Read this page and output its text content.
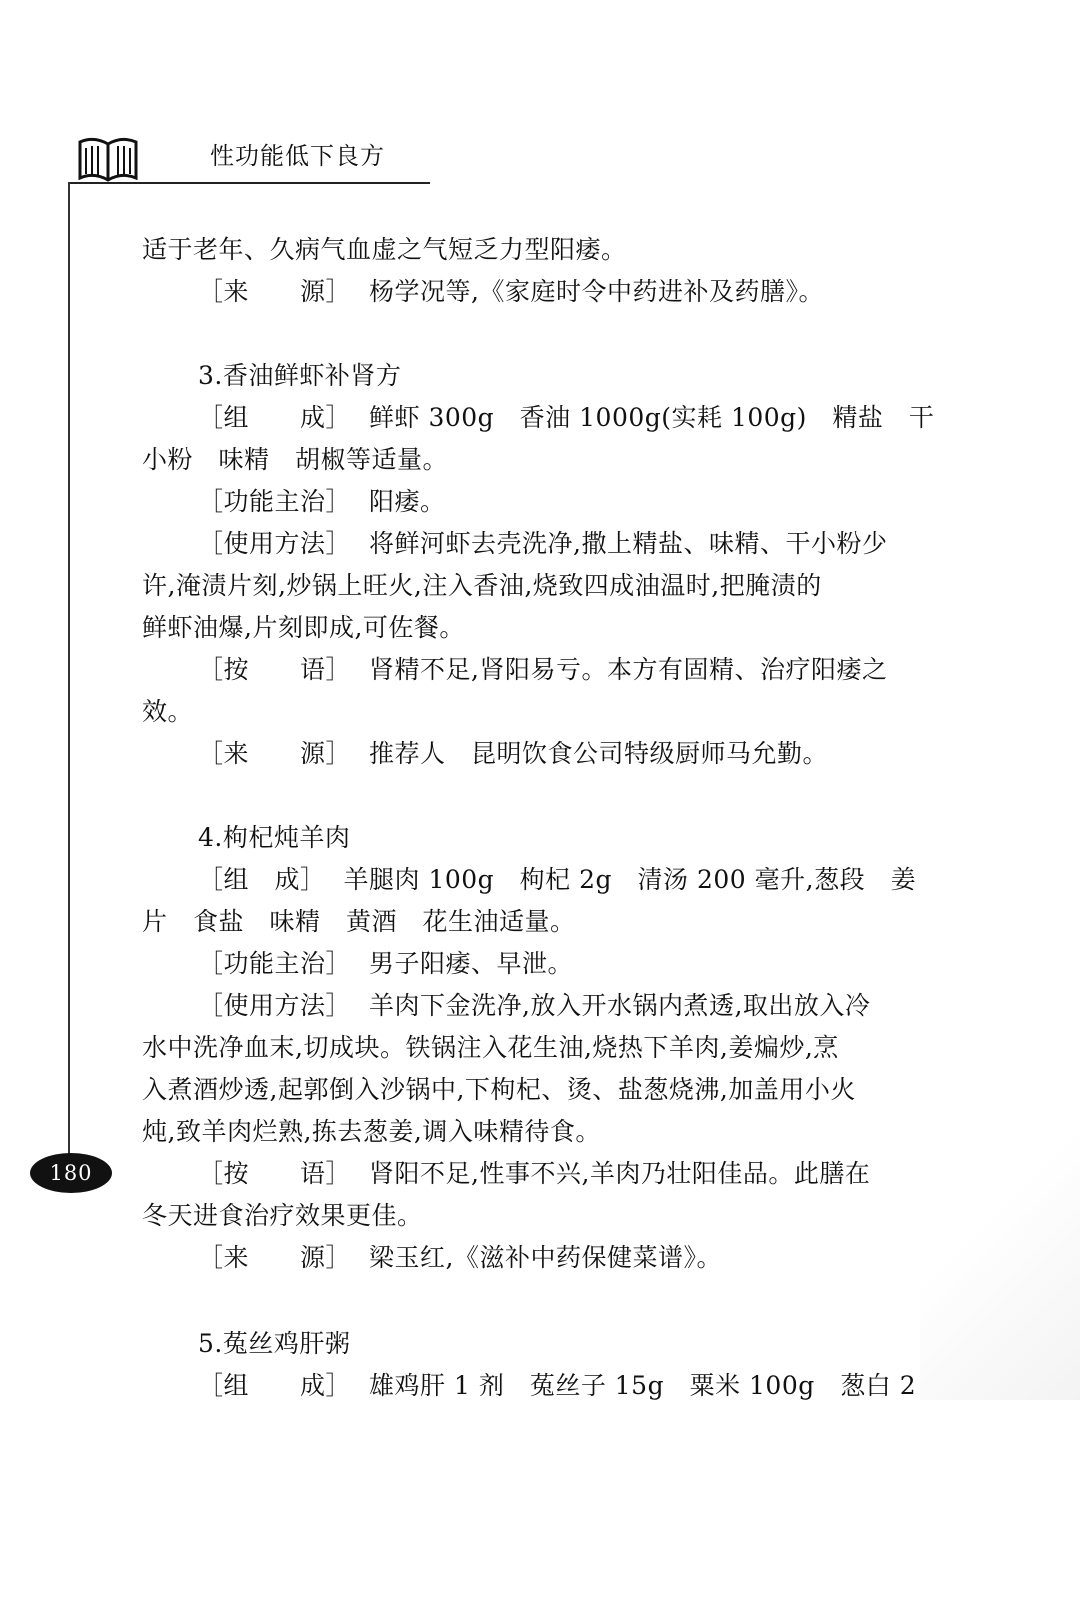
性功能低下良方
180
适于老年、久病气血虚之气短乏力型阳痿。
［来　　源］ 杨学况等,《家庭时令中药进补及药膳》。
3.香油鲜虾补肾方
［组　　成］ 鲜虾 300g　香油 1000g(实耗 100g)　精盐　干
小粉　味精　胡椒等适量。
［功能主治］ 阳痿。
［使用方法］ 将鲜河虾去壳洗净,撒上精盐、味精、干小粉少
许,淹渍片刻,炒锅上旺火,注入香油,烧致四成油温时,把腌渍的
鲜虾油爆,片刻即成,可佐餐。
［按　　语］ 肾精不足,肾阳易亏。本方有固精、治疗阳痿之
效。
［来　　源］ 推荐人　昆明饮食公司特级厨师马允勤。
4.枸杞炖羊肉
［组　成］ 羊腿肉 100g　枸杞 2g　清汤 200 毫升,葱段　姜
片　食盐　味精　黄酒　花生油适量。
［功能主治］ 男子阳痿、早泄。
［使用方法］ 羊肉下金洗净,放入开水锅内煮透,取出放入冷
水中洗净血末,切成块。铁锅注入花生油,烧热下羊肉,姜煸炒,烹
入煮酒炒透,起郭倒入沙锅中,下枸杞、烫、盐葱烧沸,加盖用小火
炖,致羊肉烂熟,拣去葱姜,调入味精待食。
［按　　语］ 肾阳不足,性事不兴,羊肉乃壮阳佳品。此膳在
冬天进食治疗效果更佳。
［来　　源］ 梁玉红,《滋补中药保健菜谱》。
5.菟丝鸡肝粥
［组　　成］ 雄鸡肝 1 剂　菟丝子 15g　粟米 100g　葱白 2
